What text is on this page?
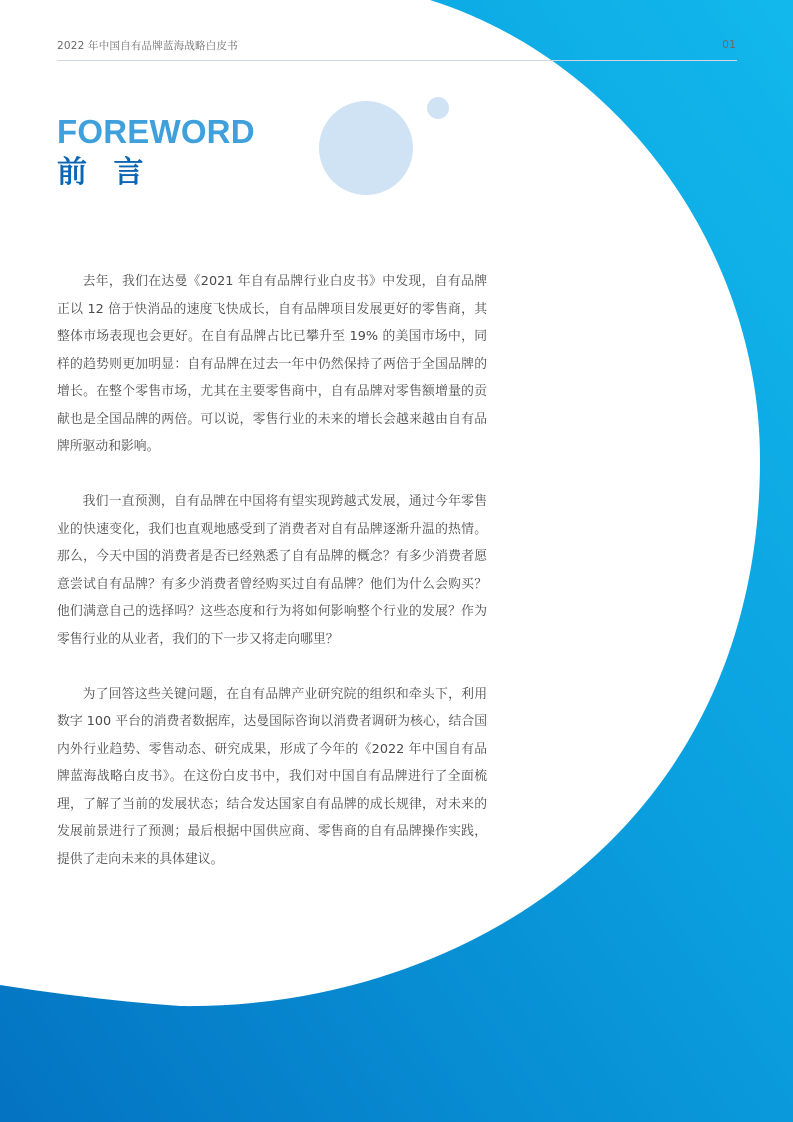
2022 年中国自有品牌蓝海战略白皮书	01
FOREWORD
前 言

去年，我们在达曼《2021 年自有品牌行业白皮书》中发现，自有品牌正以 12 倍于快消品的速度飞快成长，自有品牌项目发展更好的零售商，其整体市场表现也会更好。在自有品牌占比已攀升至 19% 的美国市场中，同样的趋势则更加明显：自有品牌在过去一年中仍然保持了两倍于全国品牌的增长。在整个零售市场，尤其在主要零售商中，自有品牌对零售额增量的贡献也是全国品牌的两倍。可以说，零售行业的未来的增长会越来越由自有品牌所驱动和影响。

我们一直预测，自有品牌在中国将有望实现跨越式发展，通过今年零售业的快速变化，我们也直观地感受到了消费者对自有品牌逐渐升温的热情。那么，今天中国的消费者是否已经熟悉了自有品牌的概念？有多少消费者愿意尝试自有品牌？有多少消费者曾经购买过自有品牌？他们为什么会购买？他们满意自己的选择吗？这些态度和行为将如何影响整个行业的发展？作为零售行业的从业者，我们的下一步又将走向哪里？

为了回答这些关键问题，在自有品牌产业研究院的组织和牵头下，利用数字 100 平台的消费者数据库，达曼国际咨询以消费者调研为核心，结合国内外行业趋势、零售动态、研究成果，形成了今年的《2022 年中国自有品牌蓝海战略白皮书》。在这份白皮书中，我们对中国自有品牌进行了全面梳理，了解了当前的发展状态；结合发达国家自有品牌的成长规律，对未来的发展前景进行了预测；最后根据中国供应商、零售商的自有品牌操作实践，提供了走向未来的具体建议。
